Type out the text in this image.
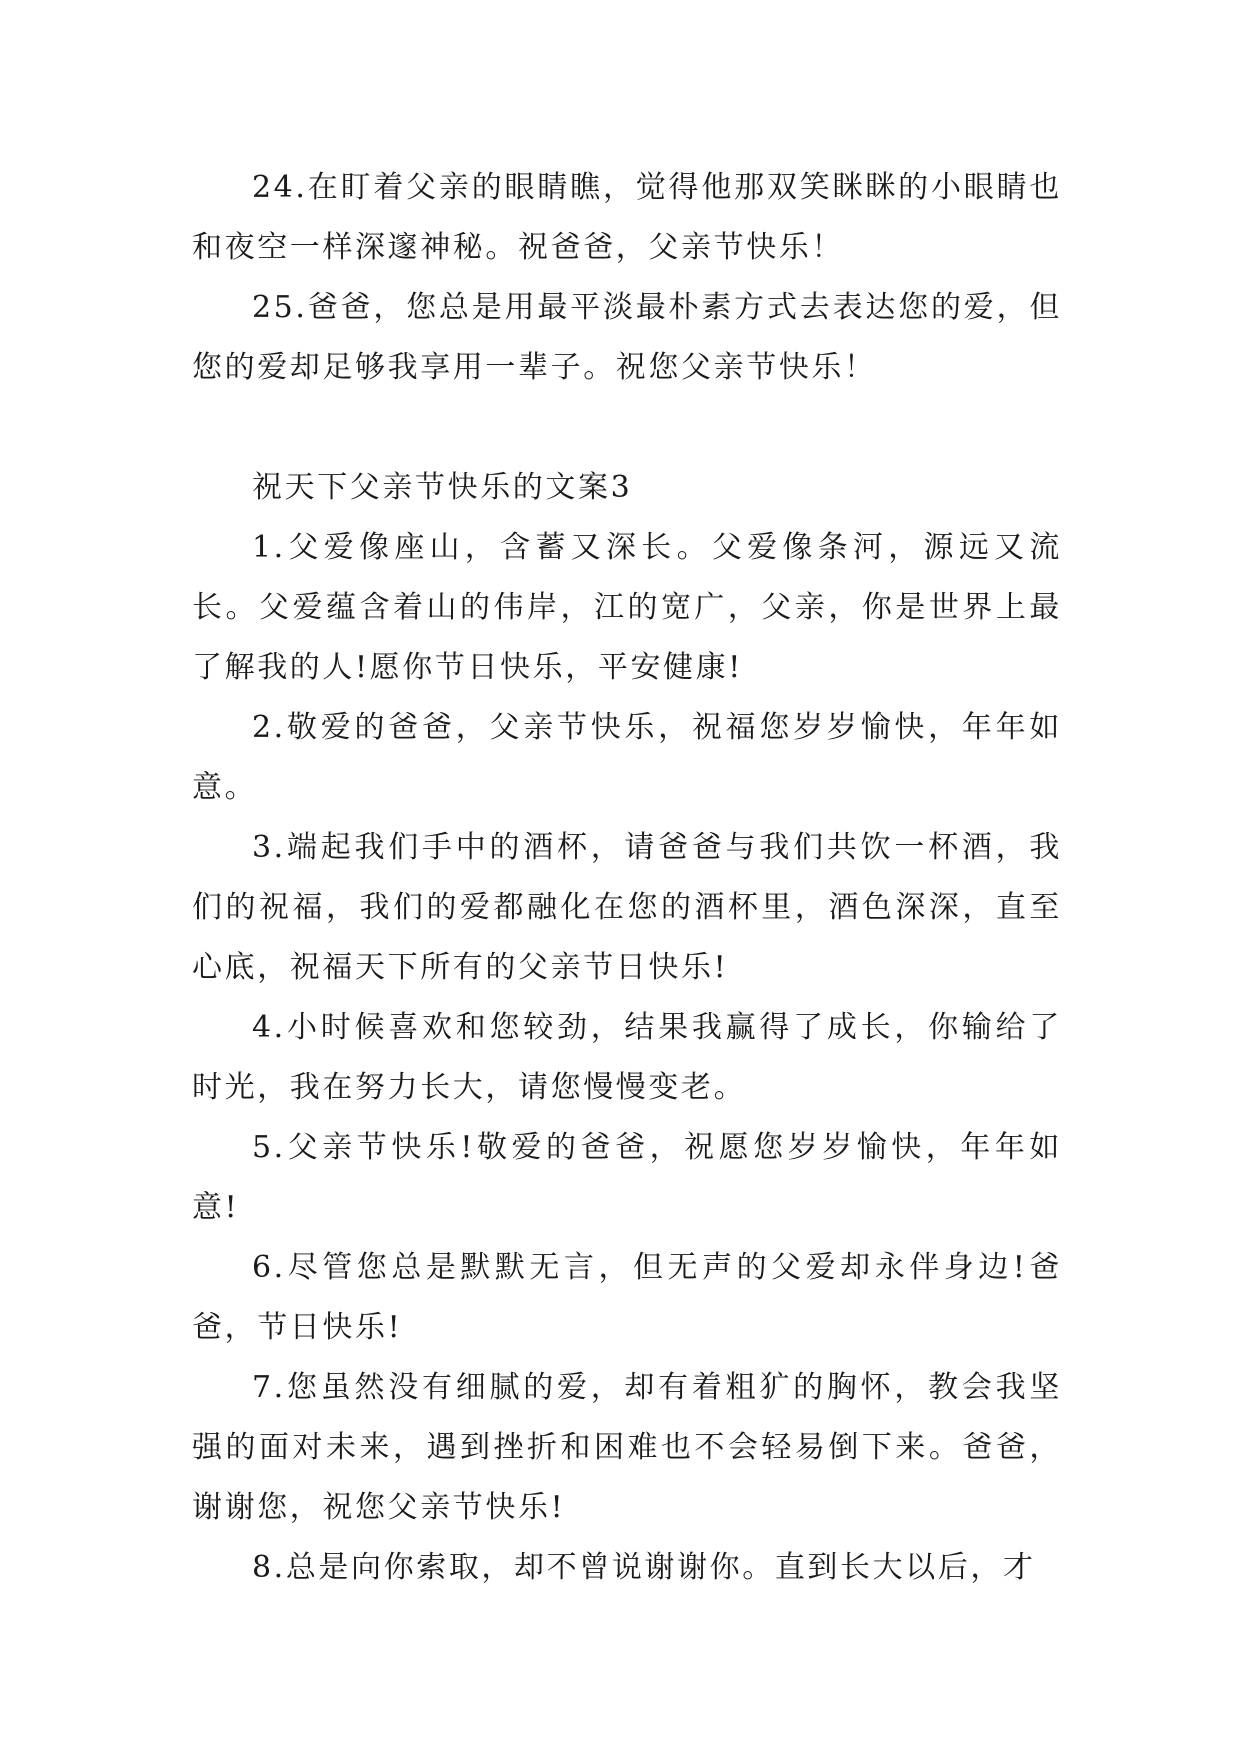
24.在盯着父亲的眼睛瞧，觉得他那双笑眯眯的小眼睛也和夜空一样深邃神秘。祝爸爸，父亲节快乐！

25.爸爸，您总是用最平淡最朴素方式去表达您的爱，但您的爱却足够我享用一辈子。祝您父亲节快乐！

祝天下父亲节快乐的文案3

1.父爱像座山，含蓄又深长。父爱像条河，源远又流长。父爱蕴含着山的伟岸，江的宽广，父亲，你是世界上最了解我的人!愿你节日快乐，平安健康!

2.敬爱的爸爸，父亲节快乐，祝福您岁岁愉快，年年如意。

3.端起我们手中的酒杯，请爸爸与我们共饮一杯酒，我们的祝福，我们的爱都融化在您的酒杯里，酒色深深，直至心底，祝福天下所有的父亲节日快乐!

4.小时候喜欢和您较劲，结果我赢得了成长，你输给了时光，我在努力长大，请您慢慢变老。

5.父亲节快乐!敬爱的爸爸，祝愿您岁岁愉快，年年如意!

6.尽管您总是默默无言，但无声的父爱却永伴身边!爸爸，节日快乐!

7.您虽然没有细腻的爱，却有着粗犷的胸怀，教会我坚强的面对未来，遇到挫折和困难也不会轻易倒下来。爸爸，谢谢您，祝您父亲节快乐!

8.总是向你索取，却不曾说谢谢你。直到长大以后，才
